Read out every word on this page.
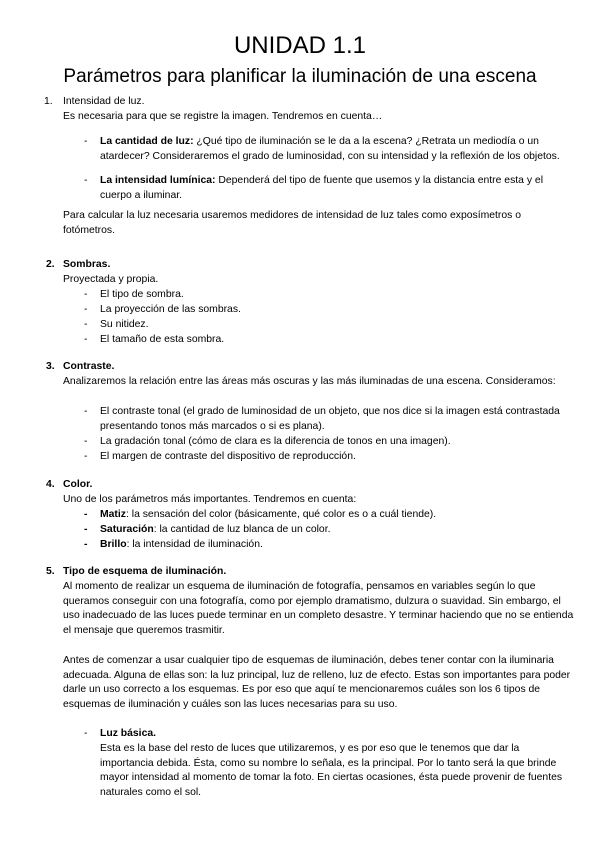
UNIDAD 1.1
Parámetros para planificar la iluminación de una escena
1. Intensidad de luz.
Es necesaria para que se registre la imagen. Tendremos en cuenta…
- La cantidad de luz: ¿Qué tipo de iluminación se le da a la escena? ¿Retrata un mediodía o un atardecer? Consideraremos el grado de luminosidad, con su intensidad y la reflexión de los objetos.
- La intensidad lumínica: Dependerá del tipo de fuente que usemos y la distancia entre esta y el cuerpo a iluminar.
Para calcular la luz necesaria usaremos medidores de intensidad de luz tales como exposímetros o fotómetros.
2. Sombras.
Proyectada y propia.
- El tipo de sombra.
- La proyección de las sombras.
- Su nitidez.
- El tamaño de esta sombra.
3. Contraste.
Analizaremos la relación entre las áreas más oscuras y las más iluminadas de una escena. Consideramos:
- El contraste tonal (el grado de luminosidad de un objeto, que nos dice si la imagen está contrastada presentando tonos más marcados o si es plana).
- La gradación tonal (cómo de clara es la diferencia de tonos en una imagen).
- El margen de contraste del dispositivo de reproducción.
4. Color.
Uno de los parámetros más importantes. Tendremos en cuenta:
- Matiz: la sensación del color (básicamente, qué color es o a cuál tiende).
- Saturación: la cantidad de luz blanca de un color.
- Brillo: la intensidad de iluminación.
5. Tipo de esquema de iluminación.
Al momento de realizar un esquema de iluminación de fotografía, pensamos en variables según lo que queramos conseguir con una fotografía, como por ejemplo dramatismo, dulzura o suavidad. Sin embargo, el uso inadecuado de las luces puede terminar en un completo desastre. Y terminar haciendo que no se entienda el mensaje que queremos trasmitir.
Antes de comenzar a usar cualquier tipo de esquemas de iluminación, debes tener contar con la iluminaria adecuada. Alguna de ellas son: la luz principal, luz de relleno, luz de efecto. Estas son importantes para poder darle un uso correcto a los esquemas. Es por eso que aquí te mencionaremos cuáles son los 6 tipos de esquemas de iluminación y cuáles son las luces necesarias para su uso.
- Luz básica.
Esta es la base del resto de luces que utilizaremos, y es por eso que le tenemos que dar la importancia debida. Ésta, como su nombre lo señala, es la principal. Por lo tanto será la que brinde mayor intensidad al momento de tomar la foto. En ciertas ocasiones, ésta puede provenir de fuentes naturales como el sol.
